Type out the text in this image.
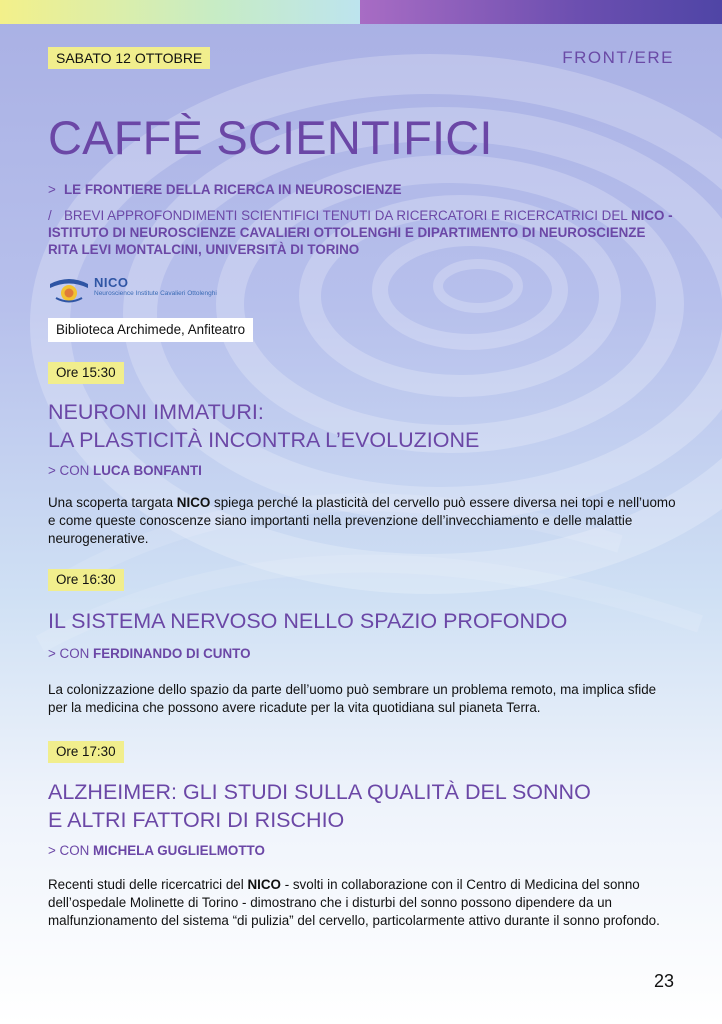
SABATO 12 OTTOBRE	FRONT/ERE
CAFFÈ SCIENTIFICI
> LE FRONTIERE DELLA RICERCA IN NEUROSCIENZE
/ BREVI APPROFONDIMENTI SCIENTIFICI TENUTI DA RICERCATORI E RICERCATRICI DEL NICO - ISTITUTO DI NEUROSCIENZE CAVALIERI OTTOLENGHI E DIPARTIMENTO DI NEUROSCIENZE RITA LEVI MONTALCINI, UNIVERSITÀ DI TORINO
NICO
Neuroscience Institute Cavalieri Ottolenghi
Biblioteca Archimede, Anfiteatro
Ore 15:30
NEURONI IMMATURI:
LA PLASTICITÀ INCONTRA L’EVOLUZIONE
> CON LUCA BONFANTI

Una scoperta targata NICO spiega perché la plasticità del cervello può essere diversa nei topi e nell’uomo e come queste conoscenze siano importanti nella prevenzione dell’invecchiamento e delle malattie neurogenerative.

Ore 16:30
IL SISTEMA NERVOSO NELLO SPAZIO PROFONDO
> CON FERDINANDO DI CUNTO

La colonizzazione dello spazio da parte dell’uomo può sembrare un problema remoto, ma implica sfide per la medicina che possono avere ricadute per la vita quotidiana sul pianeta Terra.

Ore 17:30
ALZHEIMER: GLI STUDI SULLA QUALITÀ DEL SONNO
E ALTRI FATTORI DI RISCHIO
> CON MICHELA GUGLIELMOTTO

Recenti studi delle ricercatrici del NICO - svolti in collaborazione con il Centro di Medicina del sonno dell’ospedale Molinette di Torino - dimostrano che i disturbi del sonno possono dipendere da un malfunzionamento del sistema “di pulizia” del cervello, particolarmente attivo durante il sonno profondo.

23
